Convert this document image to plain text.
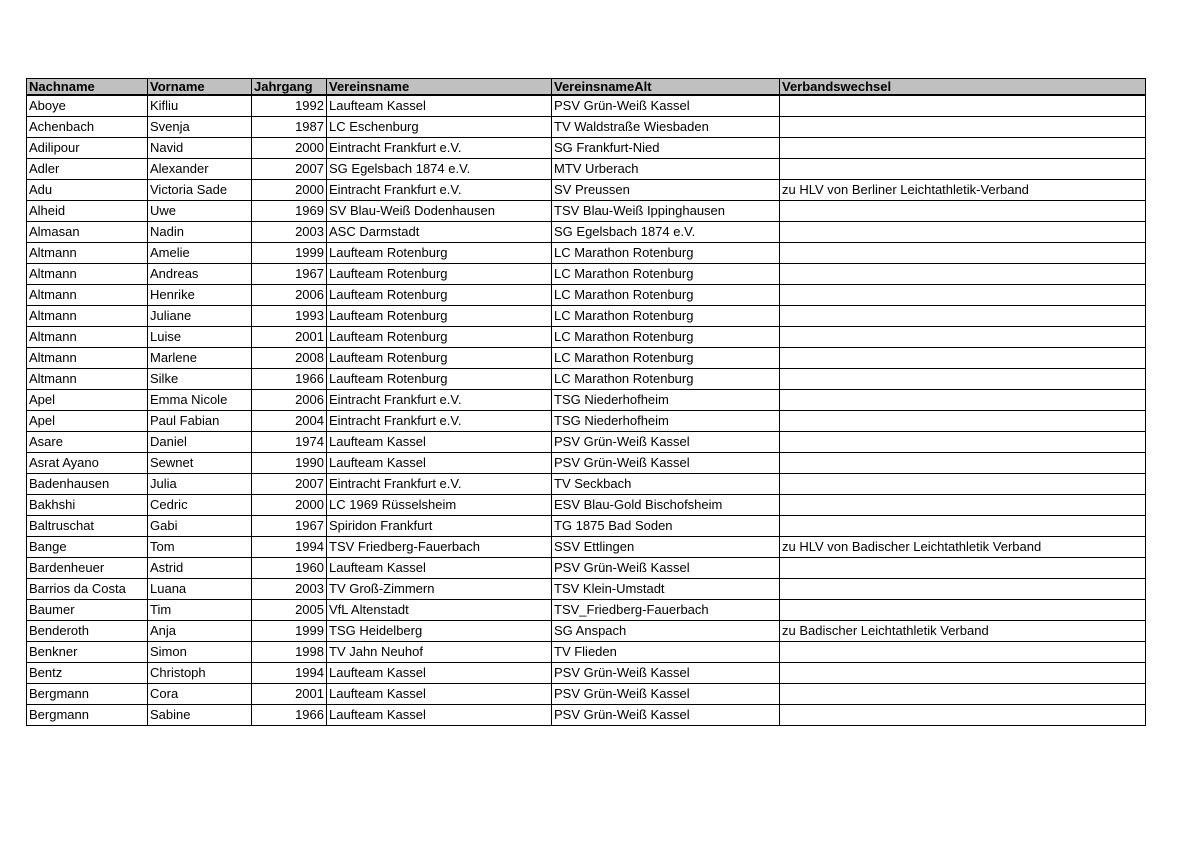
Nachname	Vorname	Jahrgang	Vereinsname	VereinsnameAlt	Verbandswechsel
Aboye	Kifliu	1992	Laufteam Kassel	PSV Grün-Weiß Kassel	
Achenbach	Svenja	1987	LC Eschenburg	TV Waldstraße Wiesbaden	
Adilipour	Navid	2000	Eintracht Frankfurt e.V.	SG Frankfurt-Nied	
Adler	Alexander	2007	SG Egelsbach 1874 e.V.	MTV Urberach	
Adu	Victoria Sade	2000	Eintracht Frankfurt e.V.	SV Preussen	zu HLV von Berliner Leichtathletik-Verband
Alheid	Uwe	1969	SV Blau-Weiß Dodenhausen	TSV Blau-Weiß Ippinghausen	
Almasan	Nadin	2003	ASC Darmstadt	SG Egelsbach 1874 e.V.	
Altmann	Amelie	1999	Laufteam Rotenburg	LC Marathon Rotenburg	
Altmann	Andreas	1967	Laufteam Rotenburg	LC Marathon Rotenburg	
Altmann	Henrike	2006	Laufteam Rotenburg	LC Marathon Rotenburg	
Altmann	Juliane	1993	Laufteam Rotenburg	LC Marathon Rotenburg	
Altmann	Luise	2001	Laufteam Rotenburg	LC Marathon Rotenburg	
Altmann	Marlene	2008	Laufteam Rotenburg	LC Marathon Rotenburg	
Altmann	Silke	1966	Laufteam Rotenburg	LC Marathon Rotenburg	
Apel	Emma Nicole	2006	Eintracht Frankfurt e.V.	TSG Niederhofheim	
Apel	Paul Fabian	2004	Eintracht Frankfurt e.V.	TSG Niederhofheim	
Asare	Daniel	1974	Laufteam Kassel	PSV Grün-Weiß Kassel	
Asrat Ayano	Sewnet	1990	Laufteam Kassel	PSV Grün-Weiß Kassel	
Badenhausen	Julia	2007	Eintracht Frankfurt e.V.	TV Seckbach	
Bakhshi	Cedric	2000	LC 1969 Rüsselsheim	ESV Blau-Gold Bischofsheim	
Baltruschat	Gabi	1967	Spiridon Frankfurt	TG 1875 Bad Soden	
Bange	Tom	1994	TSV Friedberg-Fauerbach	SSV Ettlingen	zu HLV von Badischer Leichtathletik Verband
Bardenheuer	Astrid	1960	Laufteam Kassel	PSV Grün-Weiß Kassel	
Barrios da Costa	Luana	2003	TV Groß-Zimmern	TSV Klein-Umstadt	
Baumer	Tim	2005	VfL Altenstadt	TSV_Friedberg-Fauerbach	
Benderoth	Anja	1999	TSG Heidelberg	SG Anspach	zu Badischer Leichtathletik Verband
Benkner	Simon	1998	TV Jahn Neuhof	TV Flieden	
Bentz	Christoph	1994	Laufteam Kassel	PSV Grün-Weiß Kassel	
Bergmann	Cora	2001	Laufteam Kassel	PSV Grün-Weiß Kassel	
Bergmann	Sabine	1966	Laufteam Kassel	PSV Grün-Weiß Kassel	
